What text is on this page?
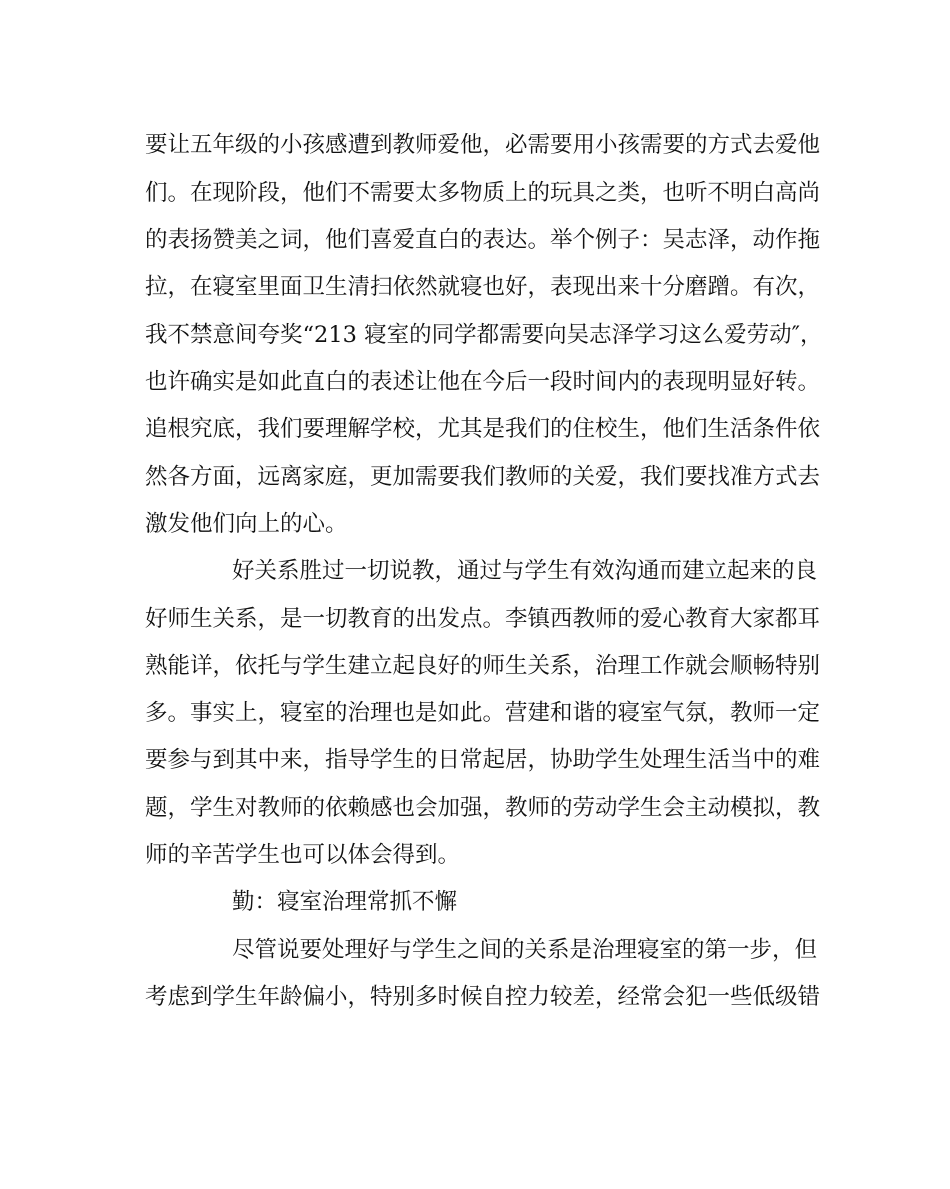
要让五年级的小孩感遭到教师爱他，必需要用小孩需要的方式去爱他

们。在现阶段，他们不需要太多物质上的玩具之类，也听不明白高尚

的表扬赞美之词，他们喜爱直白的表达。举个例子：吴志泽，动作拖

拉，在寝室里面卫生清扫依然就寝也好，表现出来十分磨蹭。有次，

我不禁意间夸奖“213 寝室的同学都需要向吴志泽学习这么爱劳动″，

也许确实是如此直白的表述让他在今后一段时间内的表现明显好转。

追根究底，我们要理解学校，尤其是我们的住校生，他们生活条件依

然各方面，远离家庭，更加需要我们教师的关爱，我们要找准方式去

激发他们向上的心。

好关系胜过一切说教，通过与学生有效沟通而建立起来的良

好师生关系，是一切教育的出发点。李镇西教师的爱心教育大家都耳

熟能详，依托与学生建立起良好的师生关系，治理工作就会顺畅特别

多。事实上，寝室的治理也是如此。营建和谐的寝室气氛，教师一定

要参与到其中来，指导学生的日常起居，协助学生处理生活当中的难

题，学生对教师的依赖感也会加强，教师的劳动学生会主动模拟，教

师的辛苦学生也可以体会得到。

勤：寝室治理常抓不懈

尽管说要处理好与学生之间的关系是治理寝室的第一步，但

考虑到学生年龄偏小，特别多时候自控力较差，经常会犯一些低级错
